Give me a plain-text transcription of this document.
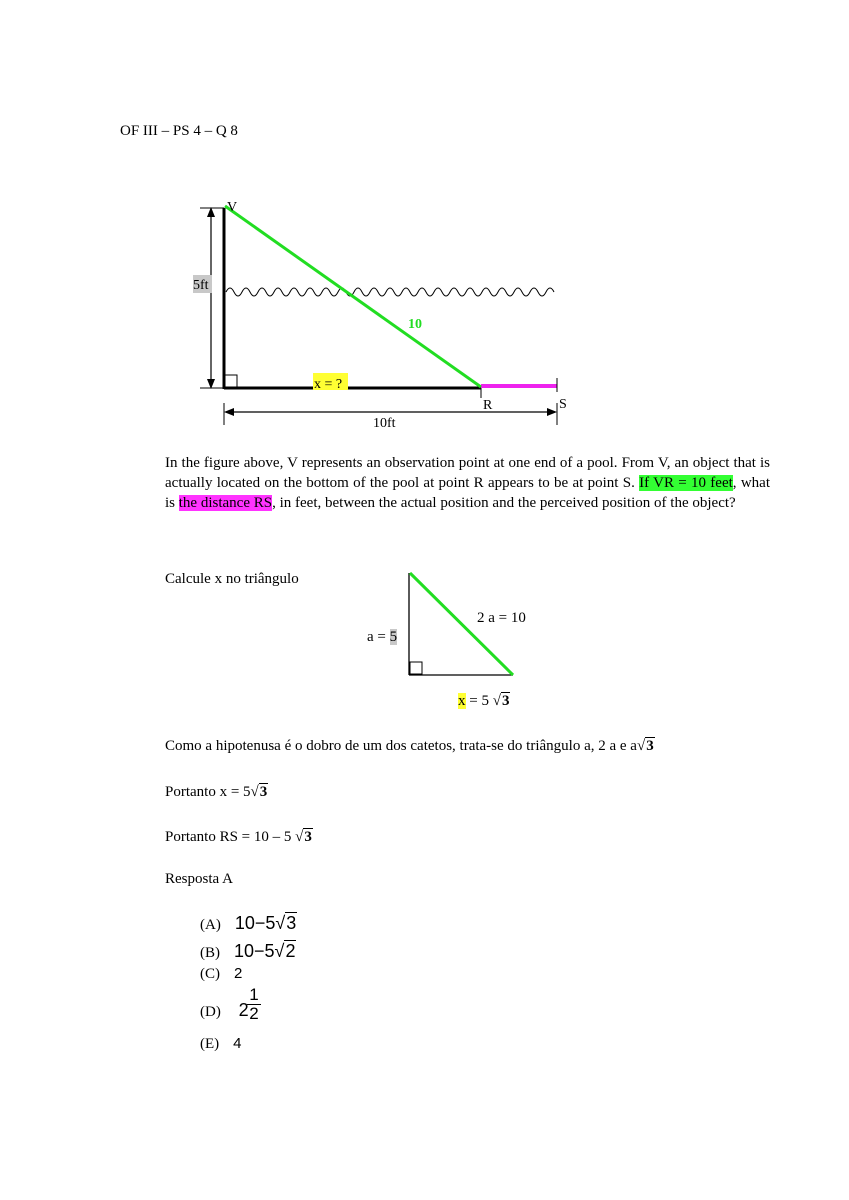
OF III – PS 4 – Q 8
V
5ft
10
x = ?
R	S
10ft
In the figure above, V represents an observation point at one end of a pool. From V, an object that is actually located on the bottom of the pool at point R appears to be at point S. If VR = 10 feet, what is the distance RS, in feet, between the actual position and the perceived position of the object?
Calcule x no triângulo
a = 5
2 a = 10
x = 5 √3
Como a hipotenusa é o dobro de um dos catetos, trata-se do triângulo a, 2 a e a√3
Portanto x = 5√3
Portanto RS = 10 – 5 √3
Resposta A
(A) 10−5√3
(B) 10−5√2
(C) 2
(D) 2
1
2
(E) 4
